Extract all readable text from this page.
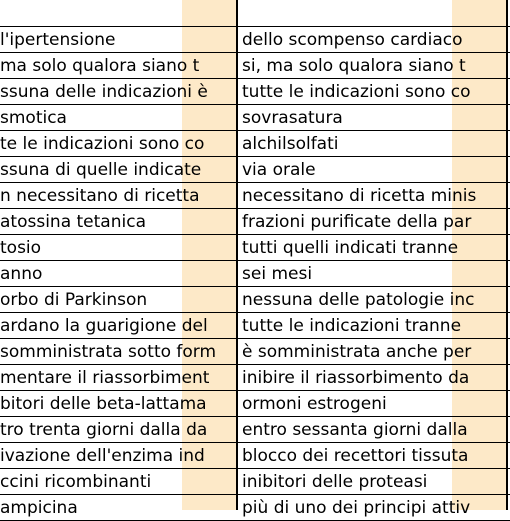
l'ipertensione	dello scompenso cardiaco
ma solo qualora siano t	si, ma solo qualora siano t
ssuna delle indicazioni è	tutte le indicazioni sono co
smotica	sovrasatura
te le indicazioni sono co	alchilsolfati
ssuna di quelle indicate	via orale
n necessitano di ricetta	necessitano di ricetta minis
atossina tetanica	frazioni purificate della par
tosio	tutti quelli indicati tranne
anno	sei mesi
orbo di Parkinson	nessuna delle patologie inc
ardano la guarigione del	tutte le indicazioni tranne
somministrata sotto form	è somministrata anche per
mentare il riassorbiment	inibire il riassorbimento da
bitori delle beta-lattama	ormoni estrogeni
tro trenta giorni dalla da	entro sessanta giorni dalla
ivazione dell'enzima ind	blocco dei recettori tissuta
ccini ricombinanti	inibitori delle proteasi
ampicina	più di uno dei principi attiv
